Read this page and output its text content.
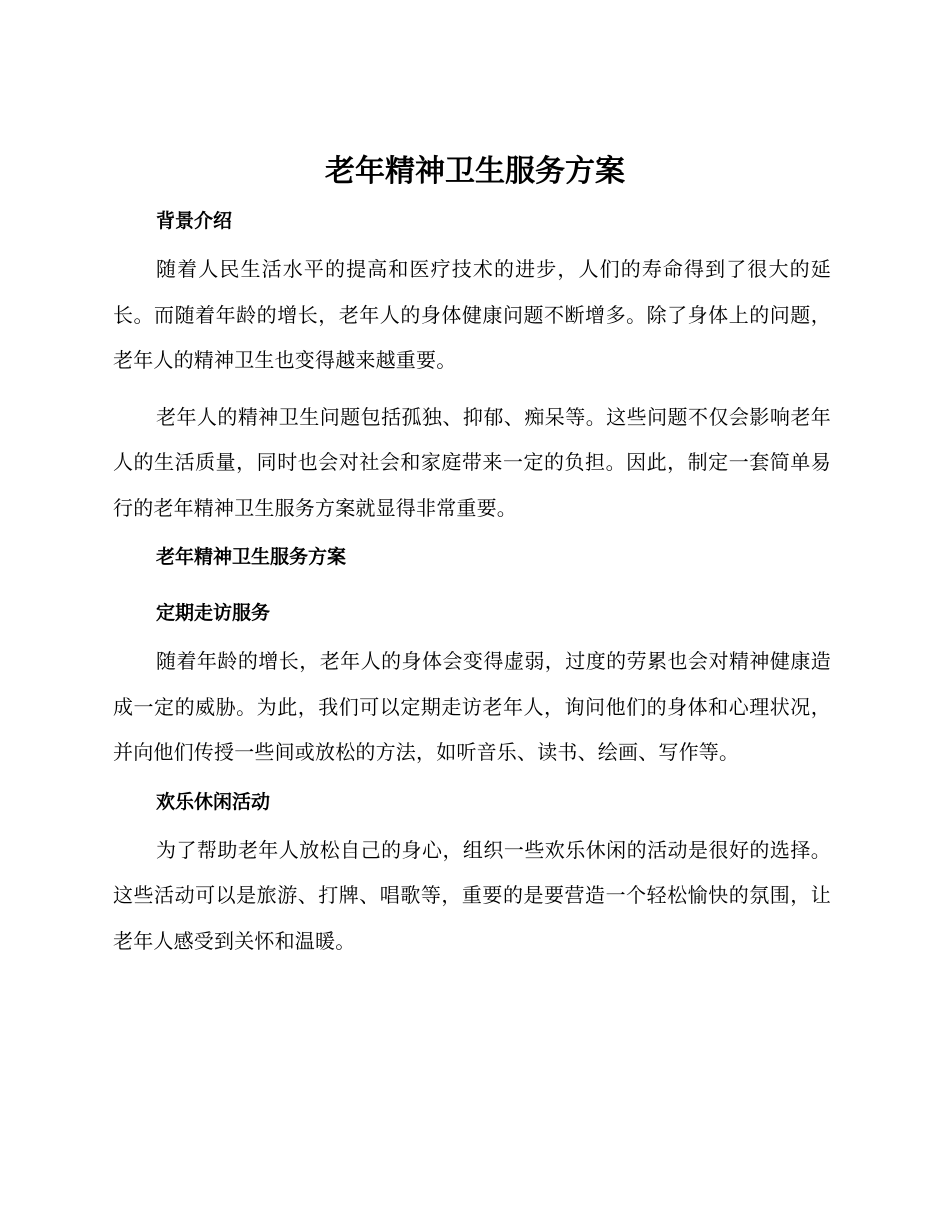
老年精神卫生服务方案
背景介绍

随着人民生活水平的提高和医疗技术的进步，人们的寿命得到了很大的延长。而随着年龄的增长，老年人的身体健康问题不断增多。除了身体上的问题，老年人的精神卫生也变得越来越重要。

老年人的精神卫生问题包括孤独、抑郁、痴呆等。这些问题不仅会影响老年人的生活质量，同时也会对社会和家庭带来一定的负担。因此，制定一套简单易行的老年精神卫生服务方案就显得非常重要。

老年精神卫生服务方案
定期走访服务

随着年龄的增长，老年人的身体会变得虚弱，过度的劳累也会对精神健康造成一定的威胁。为此，我们可以定期走访老年人，询问他们的身体和心理状况，并向他们传授一些间或放松的方法，如听音乐、读书、绘画、写作等。

欢乐休闲活动

为了帮助老年人放松自己的身心，组织一些欢乐休闲的活动是很好的选择。这些活动可以是旅游、打牌、唱歌等，重要的是要营造一个轻松愉快的氛围，让老年人感受到关怀和温暖。
